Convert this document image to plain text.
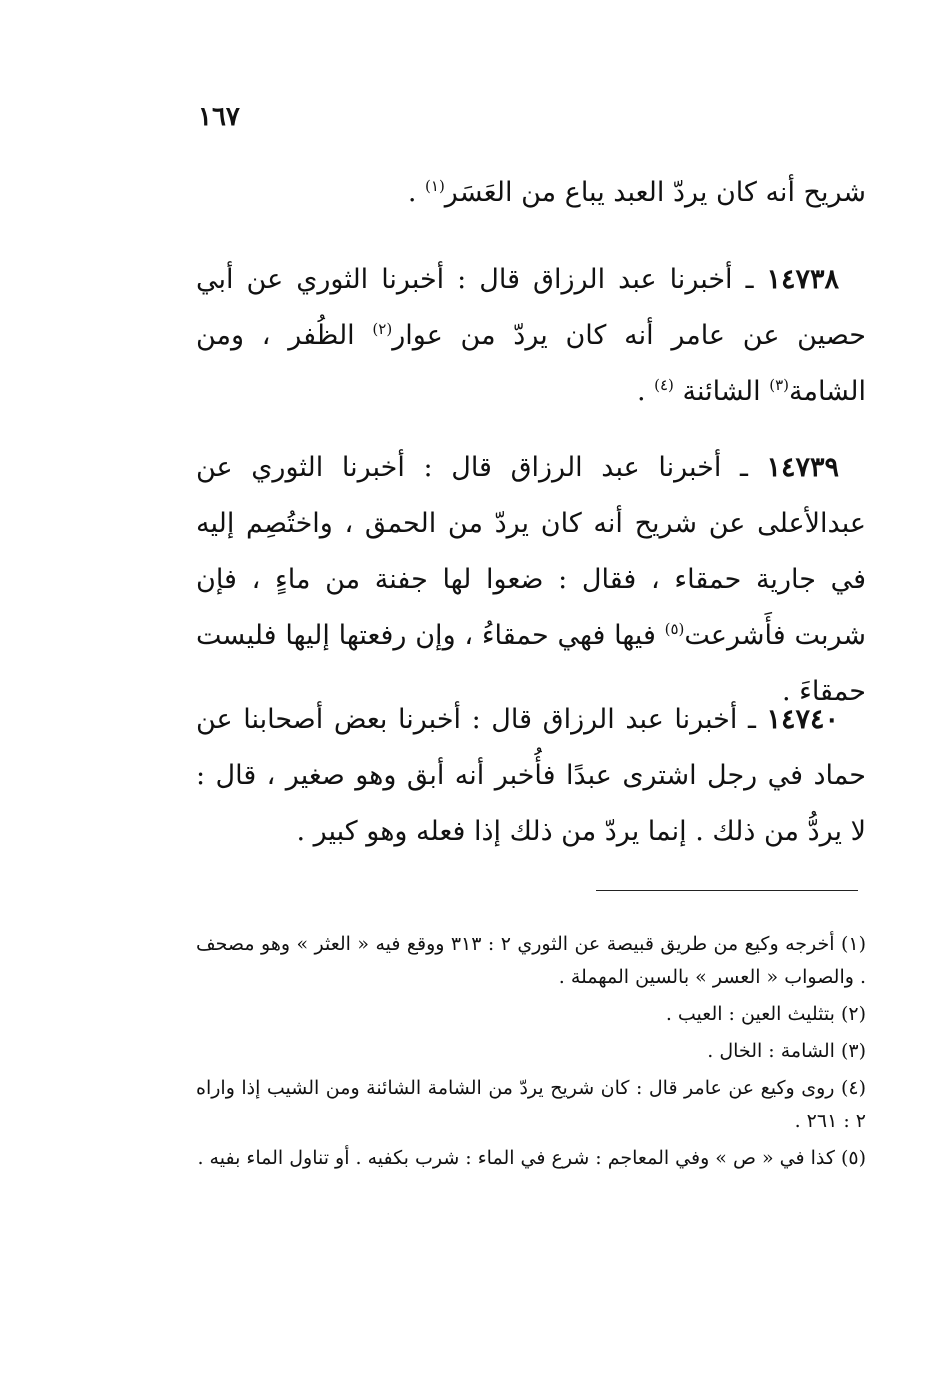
١٦٧

شريح أنه كان يردّ العبد يباع من العَسَر$^{(١)}$ .

 ١٤٧٣٨ ـ أخبرنا عبد الرزاق قال : أخبرنا الثوري عن أبي حصين عن عامر أنه كان يردّ من عوار$^{(٢)}$ الظُفر ، ومن الشامة$^{(٣)}$ الشائنة $^{(٤)}$ .

 ١٤٧٣٩ ـ أخبرنا عبد الرزاق قال : أخبرنا الثوري عن عبدالأعلى عن شريح أنه كان يردّ من الحمق ، واختُصِم إليه في جارية حمقاء ، فقال : ضعوا لها جفنة من ماءٍ ، فإن شربت فأَشرعت$^{(٥)}$ فيها فهي حمقاءُ ، وإن رفعتها إليها فليست حمقاءَ .

 ١٤٧٤٠ ـ أخبرنا عبد الرزاق قال : أخبرنا بعض أصحابنا عن حماد في رجل اشترى عبدًا فأُخبر أنه أبق وهو صغير ، قال : لا يردُّ من ذلك . إنما يردّ من ذلك إذا فعله وهو كبير .

(١) أخرجه وكيع من طريق قبيصة عن الثوري ٢ : ٣١٣ ووقع فيه « العثر » وهو مصحف . والصواب « العسر » بالسين المهملة .

(٢) بتثليث العين : العيب .

(٣) الشامة : الخال .

(٤) روى وكيع عن عامر قال : كان شريح يردّ من الشامة الشائنة ومن الشيب إذا واراه ٢ : ٢٦١ .

(٥) كذا في « ص » وفي المعاجم : شرع في الماء : شرب بكفيه . أو تناول الماء بفيه .
